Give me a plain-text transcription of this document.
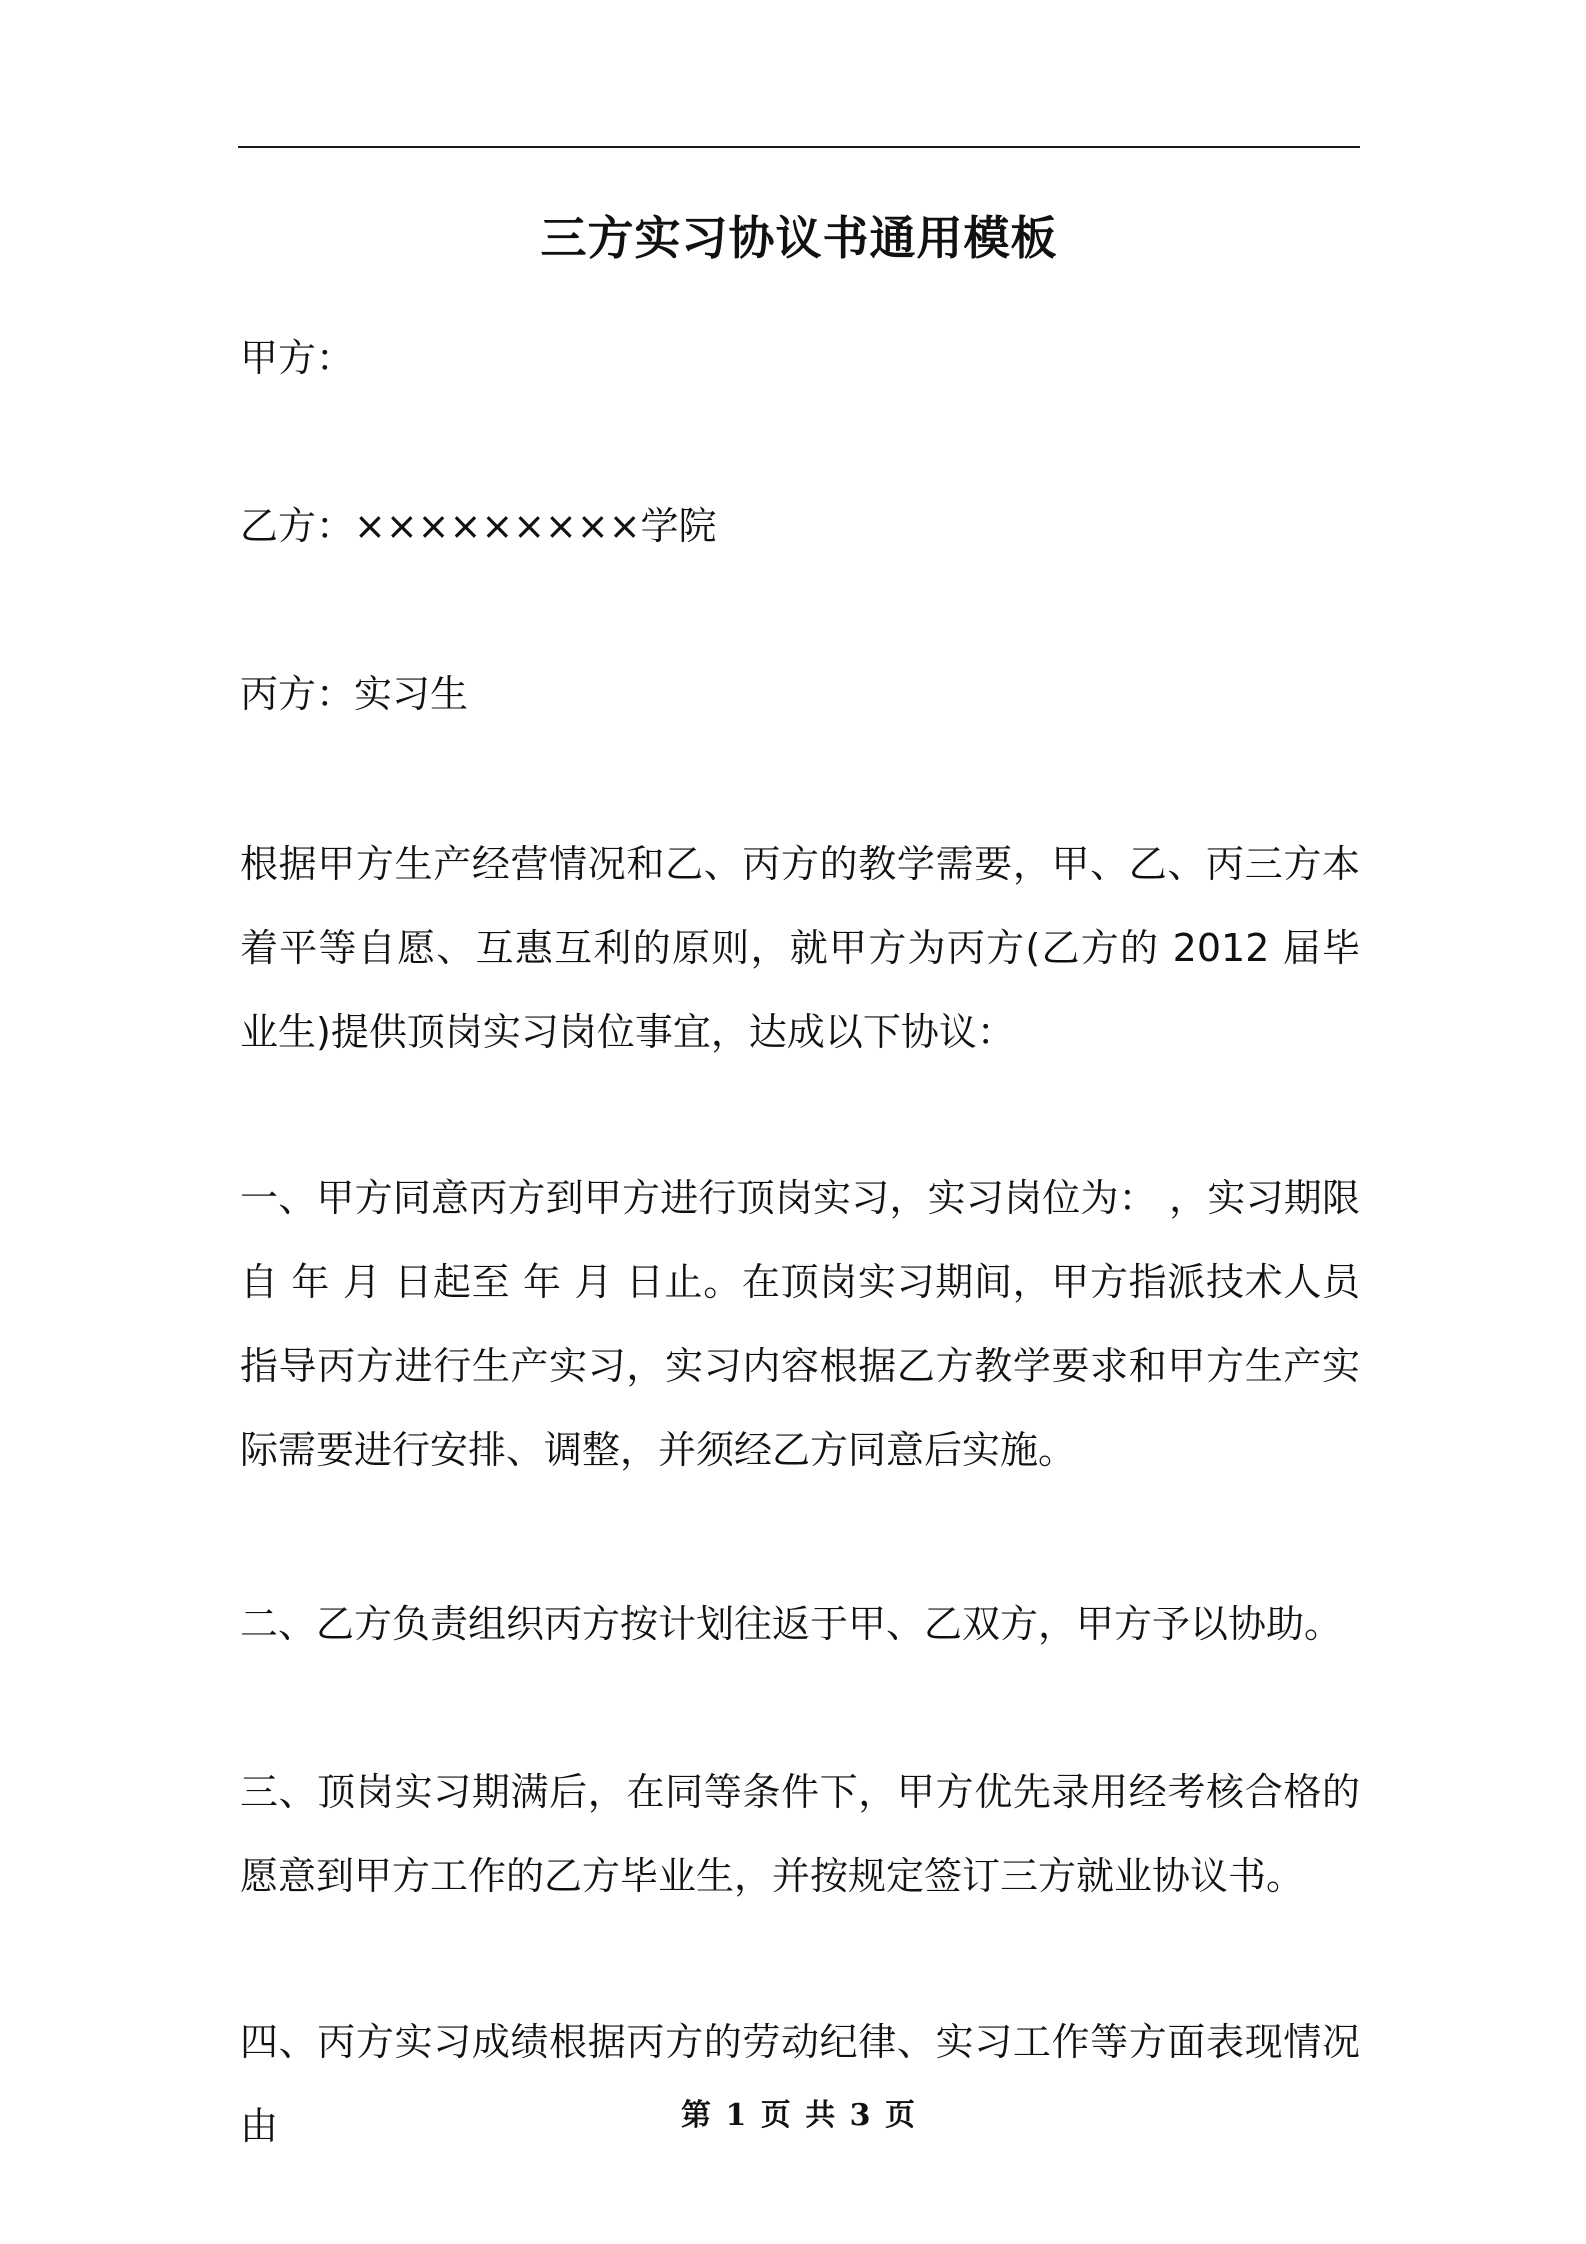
三方实习协议书通用模板

甲方：

乙方：×××××××××学院

丙方：实习生

根据甲方生产经营情况和乙、丙方的教学需要，甲、乙、丙三方本着平等自愿、互惠互利的原则，就甲方为丙方(乙方的 2012 届毕业生)提供顶岗实习岗位事宜，达成以下协议：

一、甲方同意丙方到甲方进行顶岗实习，实习岗位为： ，实习期限自 年 月 日起至 年 月 日止。在顶岗实习期间，甲方指派技术人员指导丙方进行生产实习，实习内容根据乙方教学要求和甲方生产实际需要进行安排、调整，并须经乙方同意后实施。

二、乙方负责组织丙方按计划往返于甲、乙双方，甲方予以协助。

三、顶岗实习期满后，在同等条件下，甲方优先录用经考核合格的愿意到甲方工作的乙方毕业生，并按规定签订三方就业协议书。

四、丙方实习成绩根据丙方的劳动纪律、实习工作等方面表现情况由	第 1 页 共 3 页
